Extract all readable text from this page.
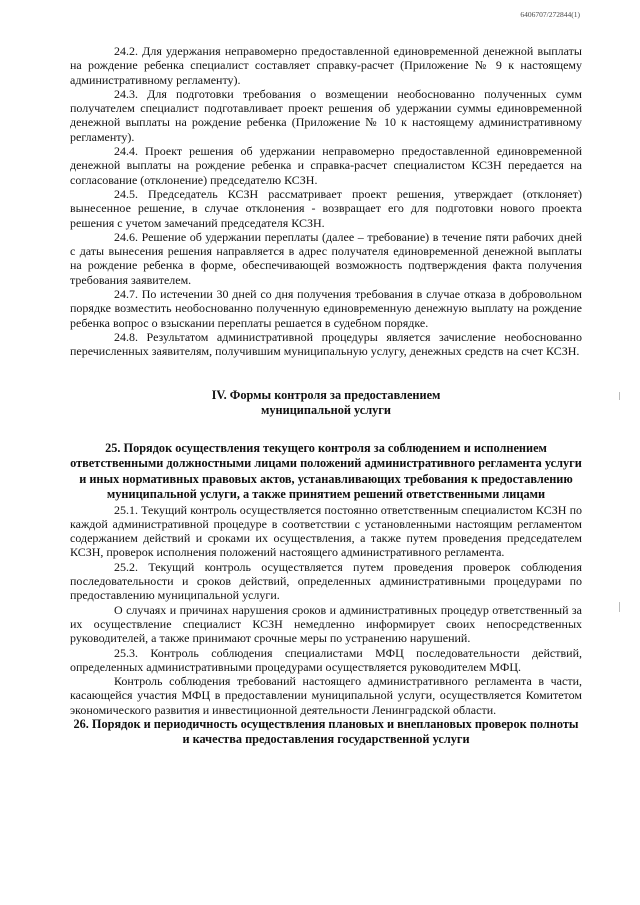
6406707/272844(1)

24.2. Для удержания неправомерно предоставленной единовременной денежной выплаты на рождение ребенка специалист составляет справку-расчет (Приложение № 9 к настоящему административному регламенту).

24.3. Для подготовки требования о возмещении необоснованно полученных сумм получателем специалист подготавливает проект решения об удержании суммы единовременной денежной выплаты на рождение ребенка (Приложение № 10 к настоящему административному регламенту).

24.4. Проект решения об удержании неправомерно предоставленной единовременной денежной выплаты на рождение ребенка и справка-расчет специалистом КСЗН передается на согласование (отклонение) председателю КСЗН.

24.5. Председатель КСЗН рассматривает проект решения, утверждает (отклоняет) вынесенное решение, в случае отклонения - возвращает его для подготовки нового проекта решения с учетом замечаний председателя КСЗН.

24.6. Решение об удержании переплаты (далее – требование) в течение пяти рабочих дней с даты вынесения решения направляется в адрес получателя единовременной денежной выплаты на рождение ребенка в форме, обеспечивающей возможность подтверждения факта получения требования заявителем.

24.7. По истечении 30 дней со дня получения требования в случае отказа в добровольном порядке возместить необоснованно полученную единовременную денежную выплату на рождение ребенка вопрос о взыскании переплаты решается в судебном порядке.

24.8. Результатом административной процедуры является зачисление необоснованно перечисленных заявителям, получившим муниципальную услугу, денежных средств на счет КСЗН.

IV. Формы контроля за предоставлением
муниципальной услуги
25. Порядок осуществления текущего контроля за соблюдением и исполнением ответственными должностными лицами положений административного регламента услуги и иных нормативных правовых актов, устанавливающих требования к предоставлению муниципальной услуги, а также принятием решений ответственными лицами

25.1. Текущий контроль осуществляется постоянно ответственным специалистом КСЗН по каждой административной процедуре в соответствии с установленными настоящим регламентом содержанием действий и сроками их осуществления, а также путем проведения председателем КСЗН, проверок исполнения положений настоящего административного регламента.

25.2. Текущий контроль осуществляется путем проведения проверок соблюдения последовательности и сроков действий, определенных административными процедурами по предоставлению муниципальной услуги.

О случаях и причинах нарушения сроков и административных процедур ответственный за их осуществление специалист КСЗН немедленно информирует своих непосредственных руководителей, а также принимают срочные меры по устранению нарушений.

25.3. Контроль соблюдения специалистами МФЦ последовательности действий, определенных административными процедурами осуществляется руководителем МФЦ.

Контроль соблюдения требований настоящего административного регламента в части, касающейся участия МФЦ в предоставлении муниципальной услуги, осуществляется Комитетом экономического развития и инвестиционной деятельности Ленинградской области.

26. Порядок и периодичность осуществления плановых и внеплановых проверок полноты и качества предоставления государственной услуги
